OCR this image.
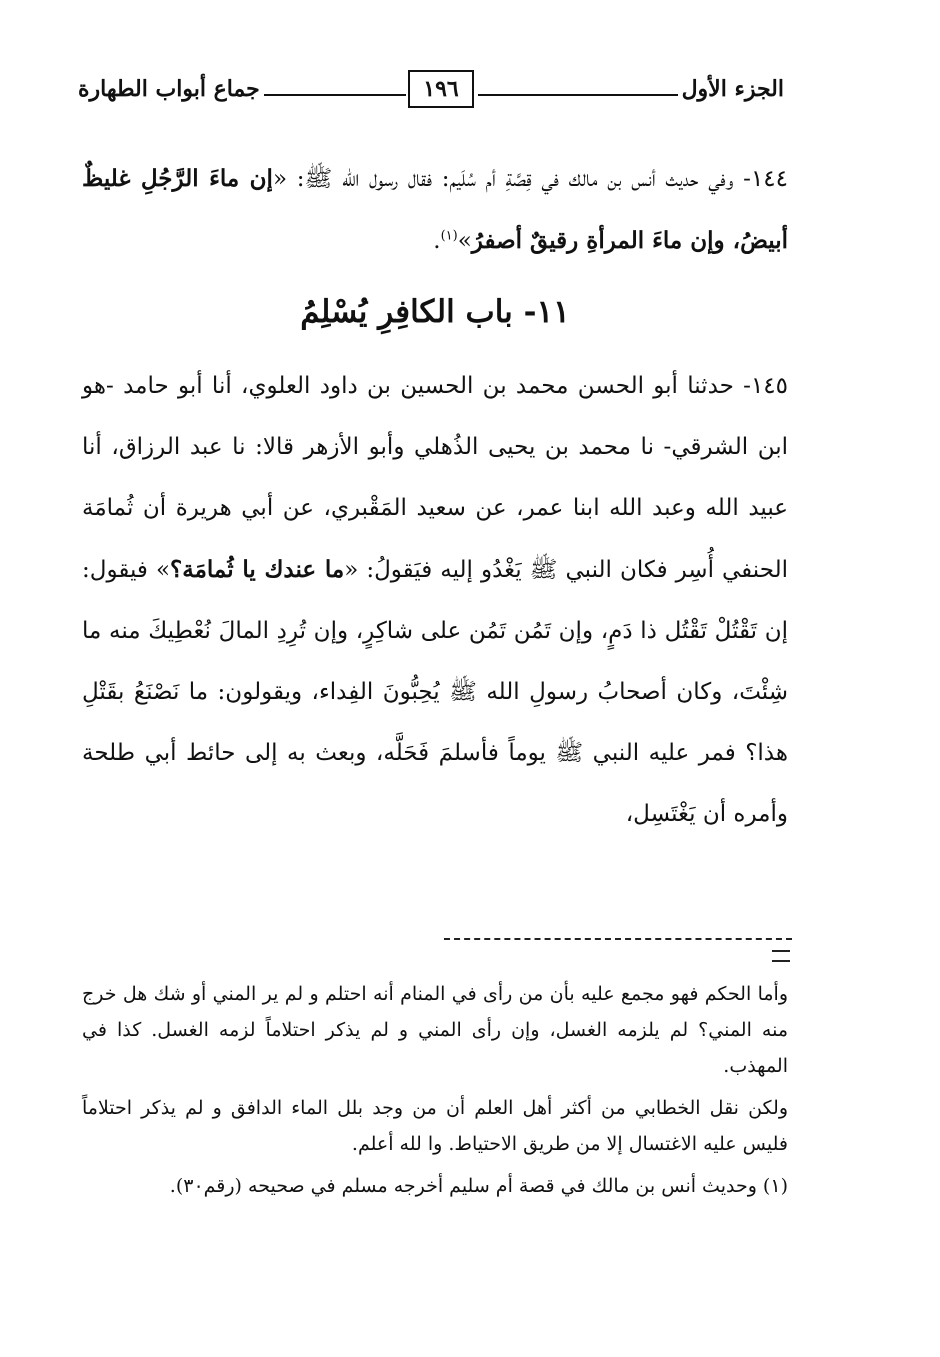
الجزء الأول
١٩٦
جماع أبواب الطهارة

١٤٤- وفي حديث أنس بن مالك في قِصَّةِ أم سُلَيم: فقال رسول الله ﷺ: «إن ماءَ الرَّجُلِ غليظٌ أبيضُ، وإن ماءَ المرأةِ رقيقٌ أصفرُ»$^{(١)}$.

١١- باب الكافِرِ يُسْلِمُ

١٤٥- حدثنا أبو الحسن محمد بن الحسين بن داود العلوي، أنا أبو حامد -هو ابن الشرقي- نا محمد بن يحيى الذُهلي وأبو الأزهر قالا: نا عبد الرزاق، أنا عبيد الله وعبد الله ابنا عمر، عن سعيد المَقْبري، عن أبي هريرة أن ثُمامَة الحنفي أُسِر فكان النبي ﷺ يَغْدُو إليه فيَقولُ: «ما عندك يا ثُمامَة؟» فيقول: إن تَقْتُلْ تَقْتُل ذا دَمٍ، وإن تَمُن تَمُن على شاكِرٍ، وإن تُرِدِ المالَ نُعْطِيكَ منه ما شِئْتَ، وكان أصحابُ رسولِ الله ﷺ يُحِبُّونَ الفِداء، ويقولون: ما نَصْنَعُ بقَتْلِ هذا؟ فمر عليه النبي ﷺ يوماً فأسلمَ فَحَلَّه، وبعث به إلى حائط أبي طلحة وأمره أن يَغْتَسِل،

وأما الحكم فهو مجمع عليه بأن من رأى في المنام أنه احتلم و لم ير المني أو شك هل خرج منه المني؟ لم يلزمه الغسل، وإن رأى المني و لم يذكر احتلاماً لزمه الغسل. كذا في المهذب.

ولكن نقل الخطابي من أكثر أهل العلم أن من وجد بلل الماء الدافق و لم يذكر احتلاماً فليس عليه الاغتسال إلا من طريق الاحتياط. وا لله أعلم.

(١) وحديث أنس بن مالك في قصة أم سليم أخرجه مسلم في صحيحه (رقم٣٠).
